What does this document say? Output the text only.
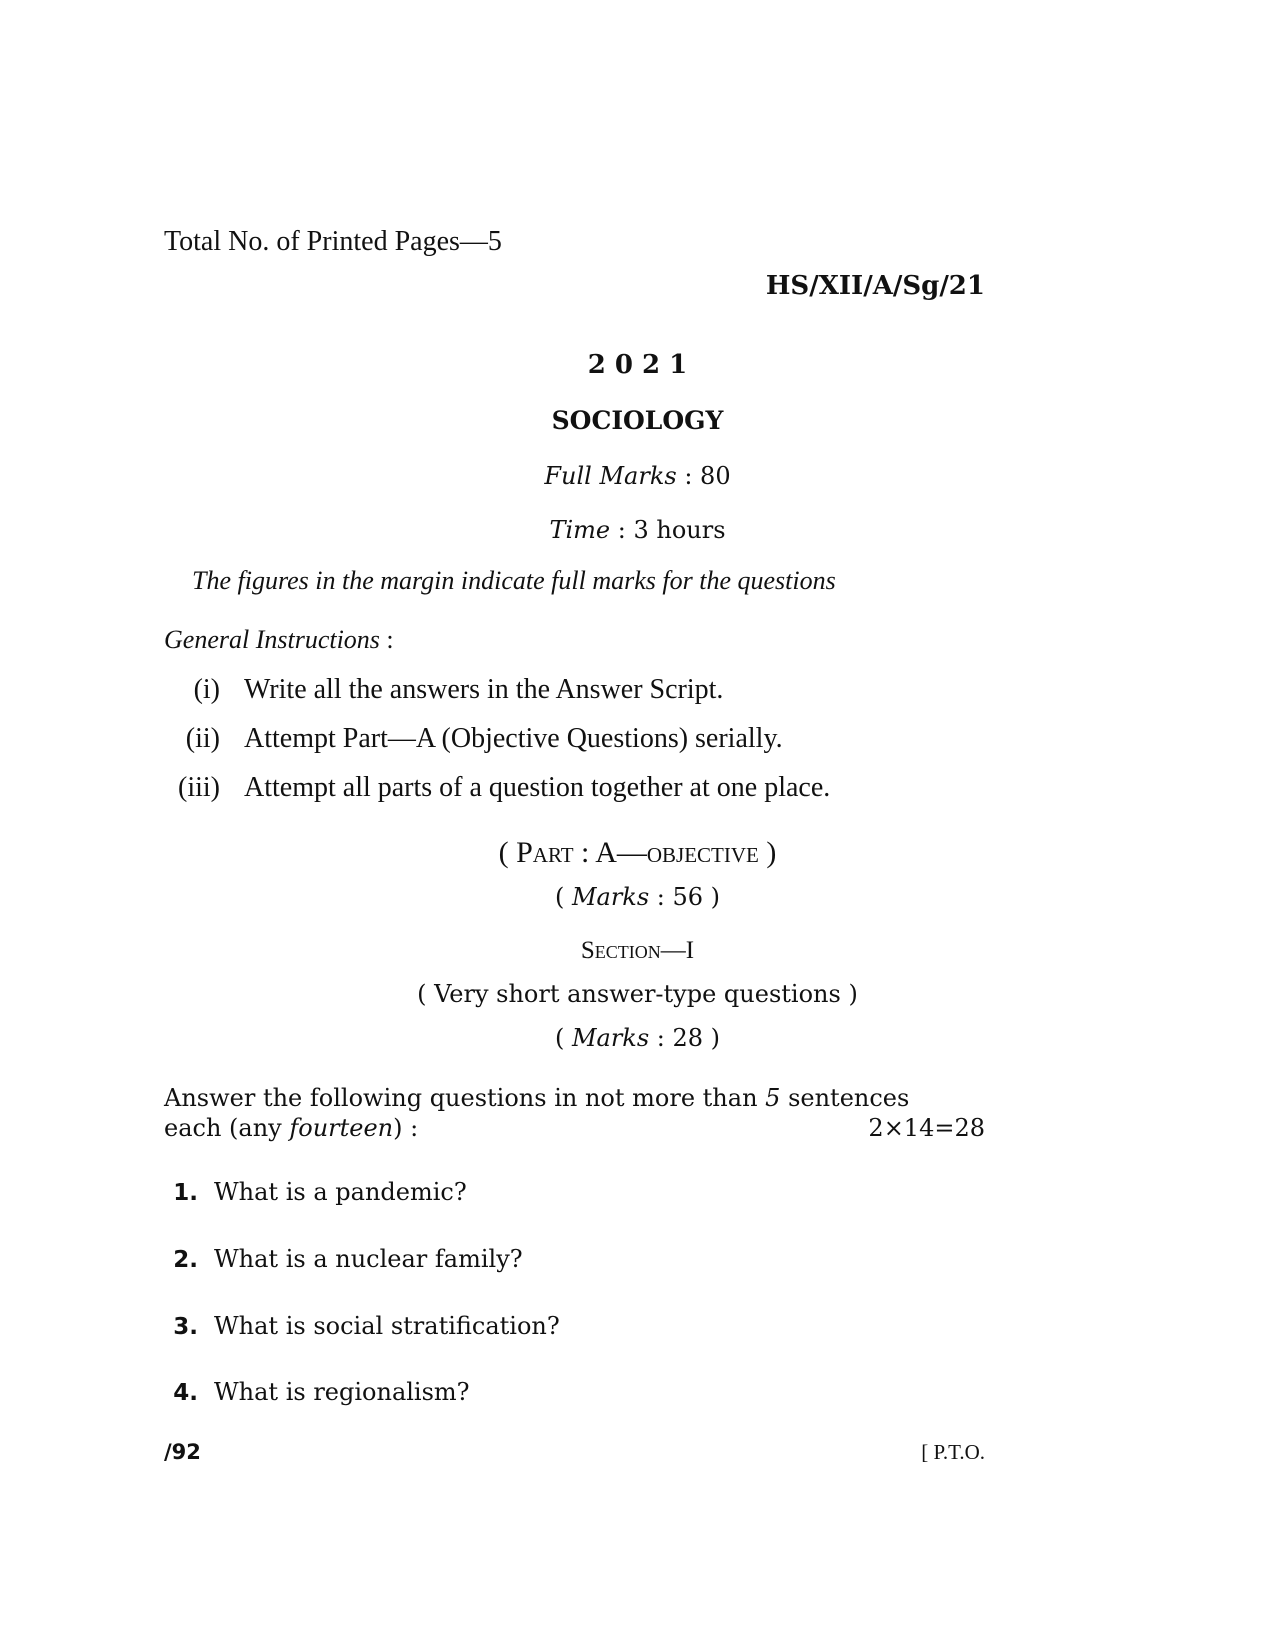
Total No. of Printed Pages—5
HS/XII/A/Sg/21
2 0 2 1
SOCIOLOGY
Full Marks : 80
Time : 3 hours
The figures in the margin indicate full marks for the questions
General Instructions :
(i) Write all the answers in the Answer Script.
(ii) Attempt Part—A (Objective Questions) serially.
(iii) Attempt all parts of a question together at one place.
( Part : A—objective )
( Marks : 56 )
Section—I
( Very short answer-type questions )
( Marks : 28 )
Answer the following questions in not more than 5 sentences
each (any fourteen) :	2×14=28
1. What is a pandemic?
2. What is a nuclear family?
3. What is social stratification?
4. What is regionalism?
/92	[ P.T.O.
